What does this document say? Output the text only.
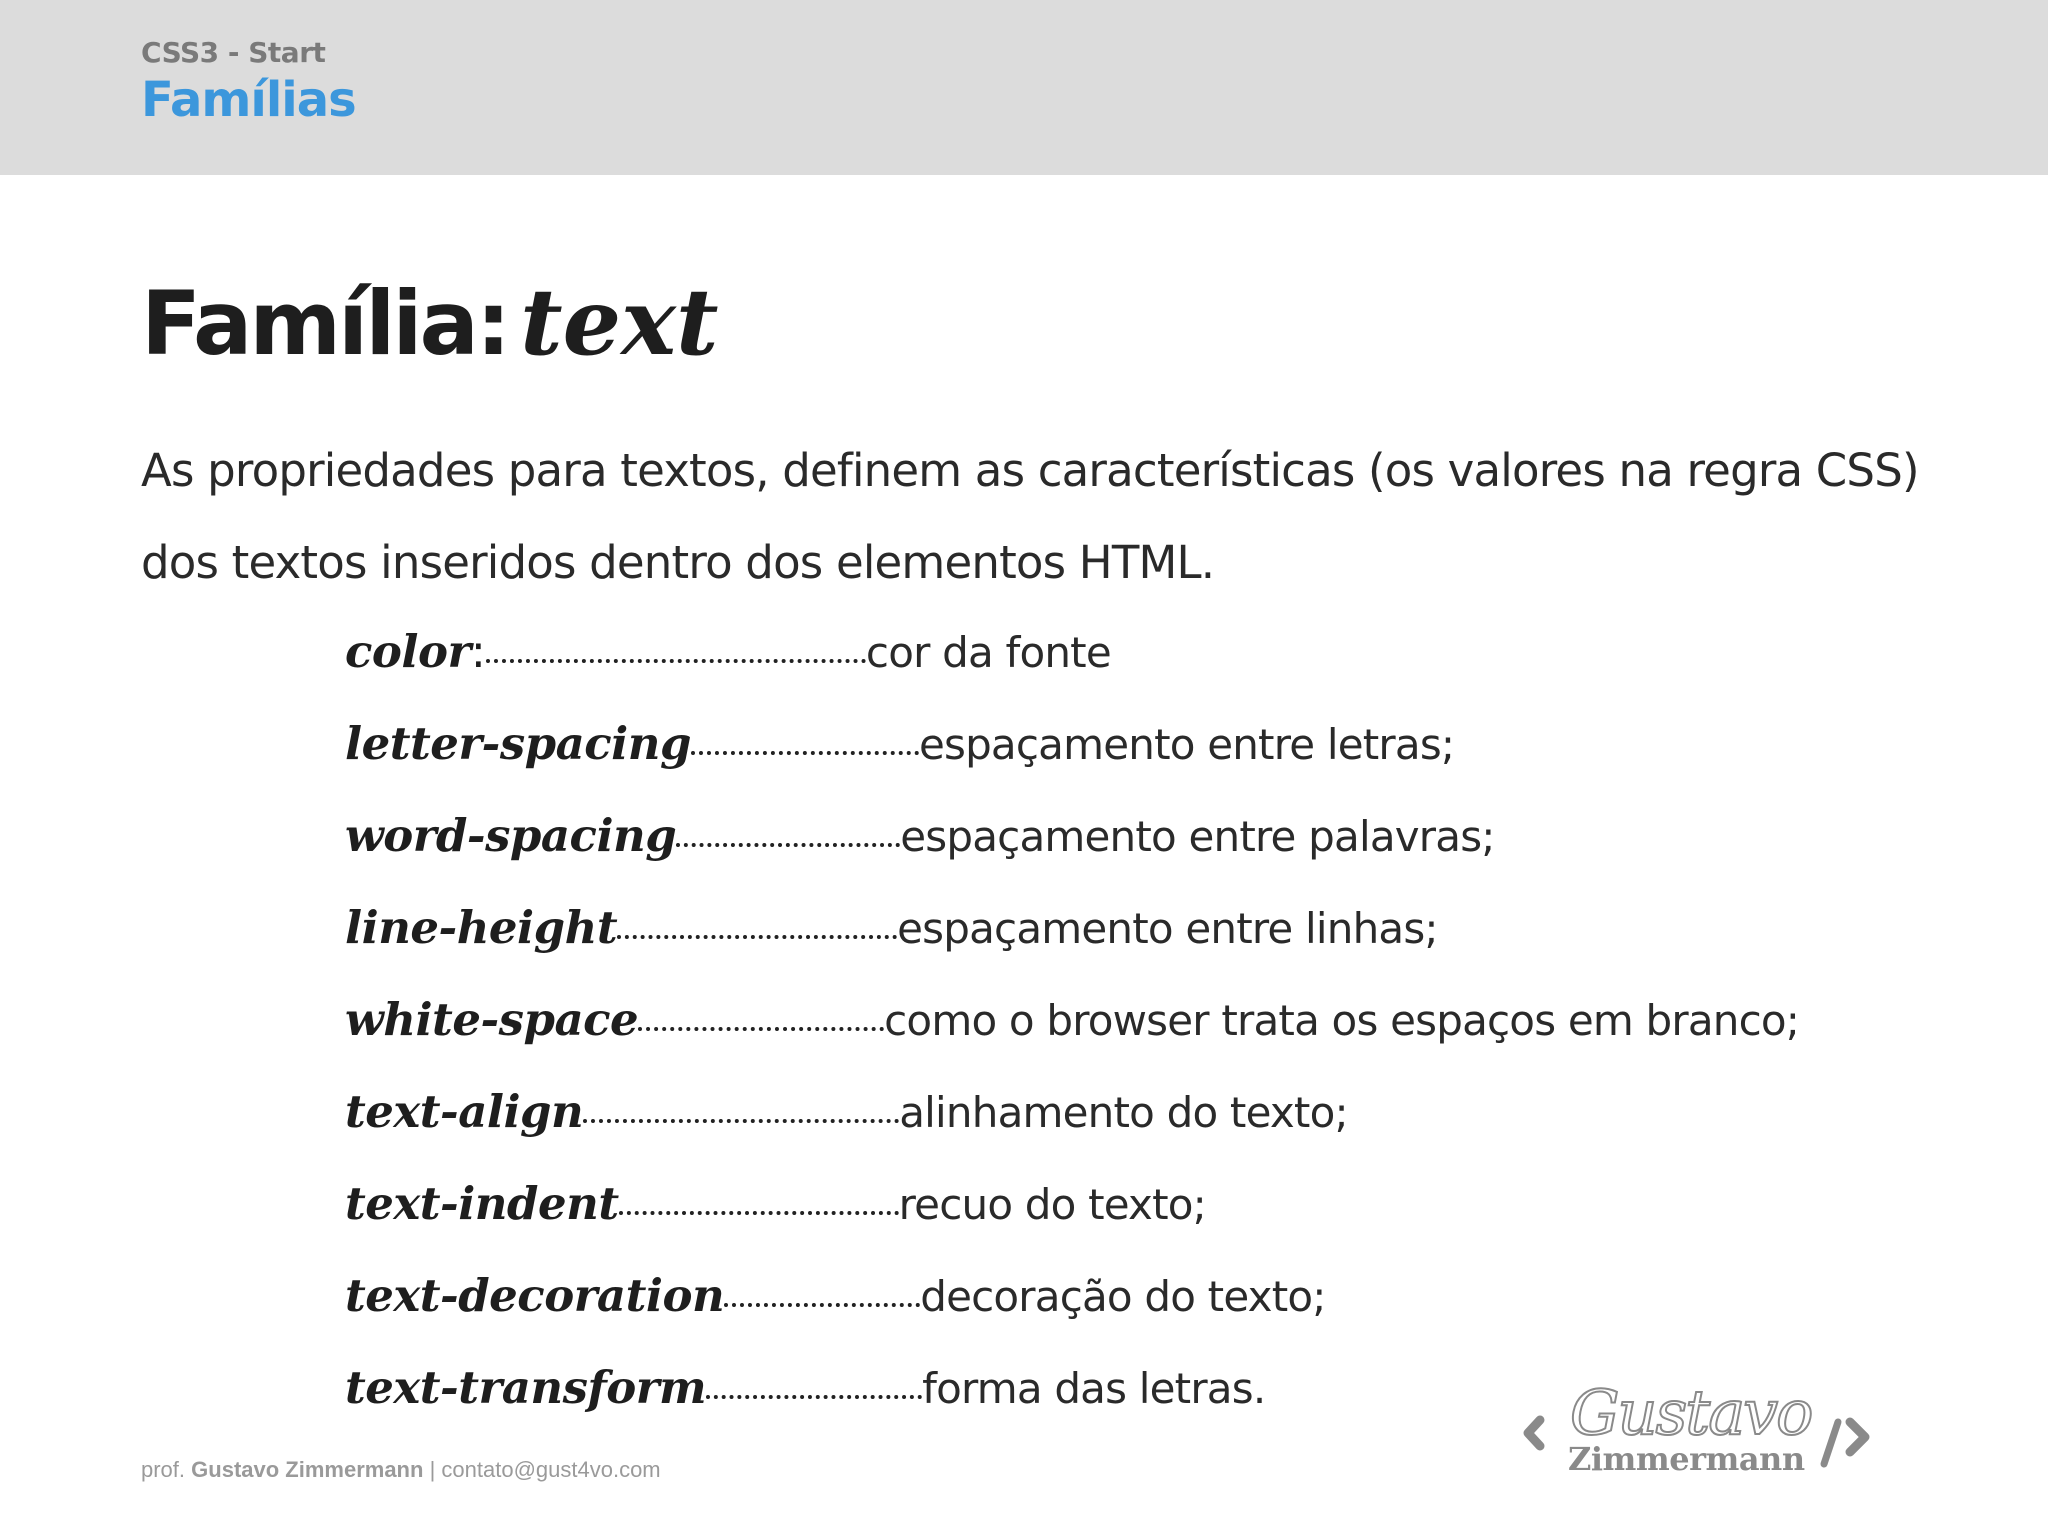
CSS3 - Start
Famílias
Família: text
As propriedades para textos, definem as características (os valores na regra CSS) dos textos inseridos dentro dos elementos HTML.
color :	cor da fonte
letter-spacing	espaçamento entre letras;
word-spacing	espaçamento entre palavras;
line-height	espaçamento entre linhas;
white-space	como o browser trata os espaços em branco;
text-align	alinhamento do texto;
text-indent	recuo do texto;
text-decoration	decoração do texto;
text-transform	forma das letras.
prof. Gustavo Zimmermann | contato@gust4vo.com
Gustavo
Zimmermann
